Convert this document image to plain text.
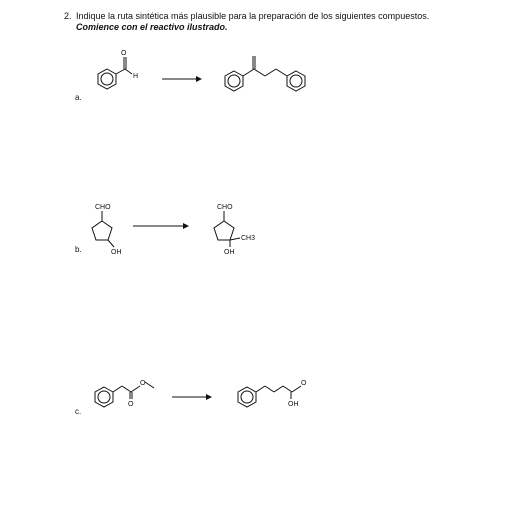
2. Indique la ruta sintética más plausible para la preparación de los siguientes compuestos.
Comience con el reactivo ilustrado.
a.
b.
c.
O
H
CHO
OH
CHO
CH3
OH
O
O
O
OH
